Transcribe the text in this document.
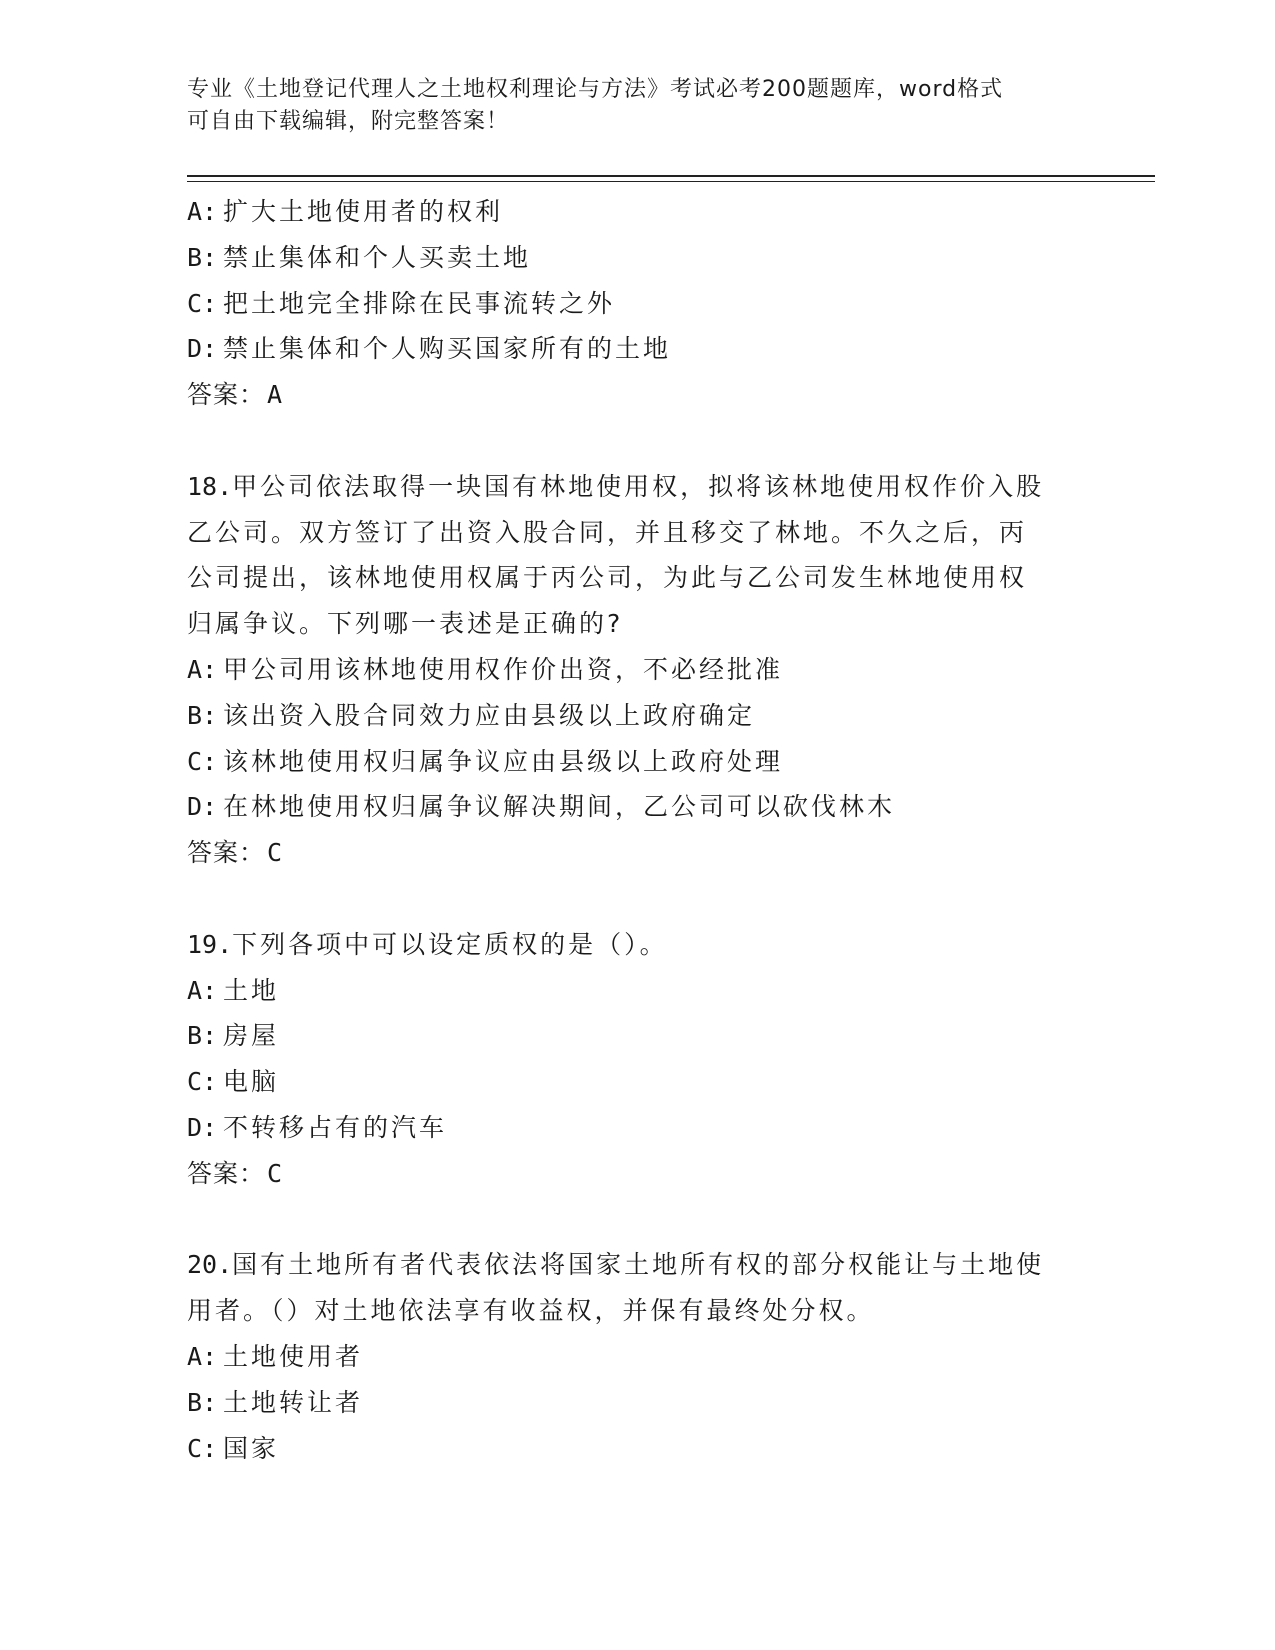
专业《土地登记代理人之土地权利理论与方法》考试必考200题题库，word格式
可自由下载编辑，附完整答案！
A: 扩大土地使用者的权利
B: 禁止集体和个人买卖土地
C: 把土地完全排除在民事流转之外
D: 禁止集体和个人购买国家所有的土地
答案：A
18.甲公司依法取得一块国有林地使用权，拟将该林地使用权作价入股
乙公司。双方签订了出资入股合同，并且移交了林地。不久之后，丙
公司提出，该林地使用权属于丙公司，为此与乙公司发生林地使用权
归属争议。下列哪一表述是正确的?
A: 甲公司用该林地使用权作价出资，不必经批准
B: 该出资入股合同效力应由县级以上政府确定
C: 该林地使用权归属争议应由县级以上政府处理
D: 在林地使用权归属争议解决期间，乙公司可以砍伐林木
答案：C
19.下列各项中可以设定质权的是（）。
A: 土地
B: 房屋
C: 电脑
D: 不转移占有的汽车
答案：C
20.国有土地所有者代表依法将国家土地所有权的部分权能让与土地使
用者。（）对土地依法享有收益权，并保有最终处分权。
A: 土地使用者
B: 土地转让者
C: 国家
